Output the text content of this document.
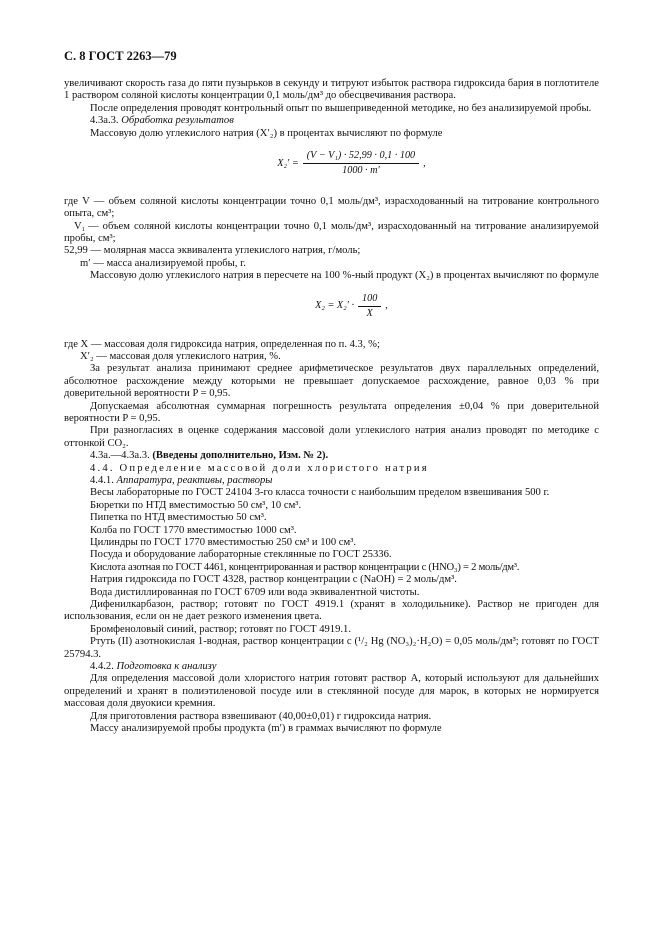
С. 8 ГОСТ 2263—79

увеличивают скорость газа до пяти пузырьков в секунду и титруют избыток раствора гидроксида бария в поглотителе 1 раствором соляной кислоты концентрации 0,1 моль/дм³ до обесцвечивания раствора.

После определения проводят контрольный опыт по вышеприведенной методике, но без анализируемой пробы.

4.3а.3. Обработка результатов

Массовую долю углекислого натрия (X′₂) в процентах вычисляют по формуле

$X_2' = \frac{\text{(V − V₁) · 52,99 · 0,1 · 100}}{1000 \cdot m'}$ ,

где V — объем соляной кислоты концентрации точно 0,1 моль/дм³, израсходованный на титрование контрольного опыта, см³;

V₁ — объем соляной кислоты концентрации точно 0,1 моль/дм³, израсходованный на титрование анализируемой пробы, см³;

52,99 — молярная масса эквивалента углекислого натрия, г/моль;

m′ — масса анализируемой пробы, г.

Массовую долю углекислого натрия в пересчете на 100 %-ный продукт (X₂) в процентах вычисляют по формуле

$X_2 = X_2' \cdot \frac{100}{X}$ ,

где X — массовая доля гидроксида натрия, определенная по п. 4.3, %;

X′₂ — массовая доля углекислого натрия, %.

За результат анализа принимают среднее арифметическое результатов двух параллельных определений, абсолютное расхождение между которыми не превышает допускаемое расхождение, равное 0,03 % при доверительной вероятности P = 0,95.

Допускаемая абсолютная суммарная погрешность результата определения ±0,04 % при доверительной вероятности P = 0,95.

При разногласиях в оценке содержания массовой доли углекислого натрия анализ проводят по методике с оттонкой CO₂.

4.3а.—4.3а.3. (Введены дополнительно, Изм. № 2).

4.4. Определение массовой доли хлористого натрия

4.4.1. Аппаратура, реактивы, растворы

Весы лабораторные по ГОСТ 24104 3-го класса точности с наибольшим пределом взвешивания 500 г.

Бюретки по НТД вместимостью 50 см³, 10 см³.

Пипетка по НТД вместимостью 50 см³.

Колба по ГОСТ 1770 вместимостью 1000 см³.

Цилиндры по ГОСТ 1770 вместимостью 250 см³ и 100 см³.

Посуда и оборудование лабораторные стеклянные по ГОСТ 25336.

Кислота азотная по ГОСТ 4461, концентрированная и раствор концентрации c (HNO₃) = 2 моль/дм³.

Натрия гидроксида по ГОСТ 4328, раствор концентрации c (NaOH) = 2 моль/дм³.

Вода дистиллированная по ГОСТ 6709 или вода эквивалентной чистоты.

Дифенилкарбазон, раствор; готовят по ГОСТ 4919.1 (хранят в холодильнике). Раствор не пригоден для использования, если он не дает резкого изменения цвета.

Бромфеноловый синий, раствор; готовят по ГОСТ 4919.1.

Ртуть (II) азотнокислая 1-водная, раствор концентрации c (¹/₂ Hg (NO₃)₂·H₂O) = 0,05 моль/дм³; готовят по ГОСТ 25794.3.

4.4.2. Подготовка к анализу

Для определения массовой доли хлористого натрия готовят раствор A, который используют для дальнейших определений и хранят в полиэтиленовой посуде или в стеклянной посуде для марок, в которых не нормируется массовая доля двуокиси кремния.

Для приготовления раствора взвешивают (40,00±0,01) г гидроксида натрия.

Массу анализируемой пробы продукта (m′) в граммах вычисляют по формуле
